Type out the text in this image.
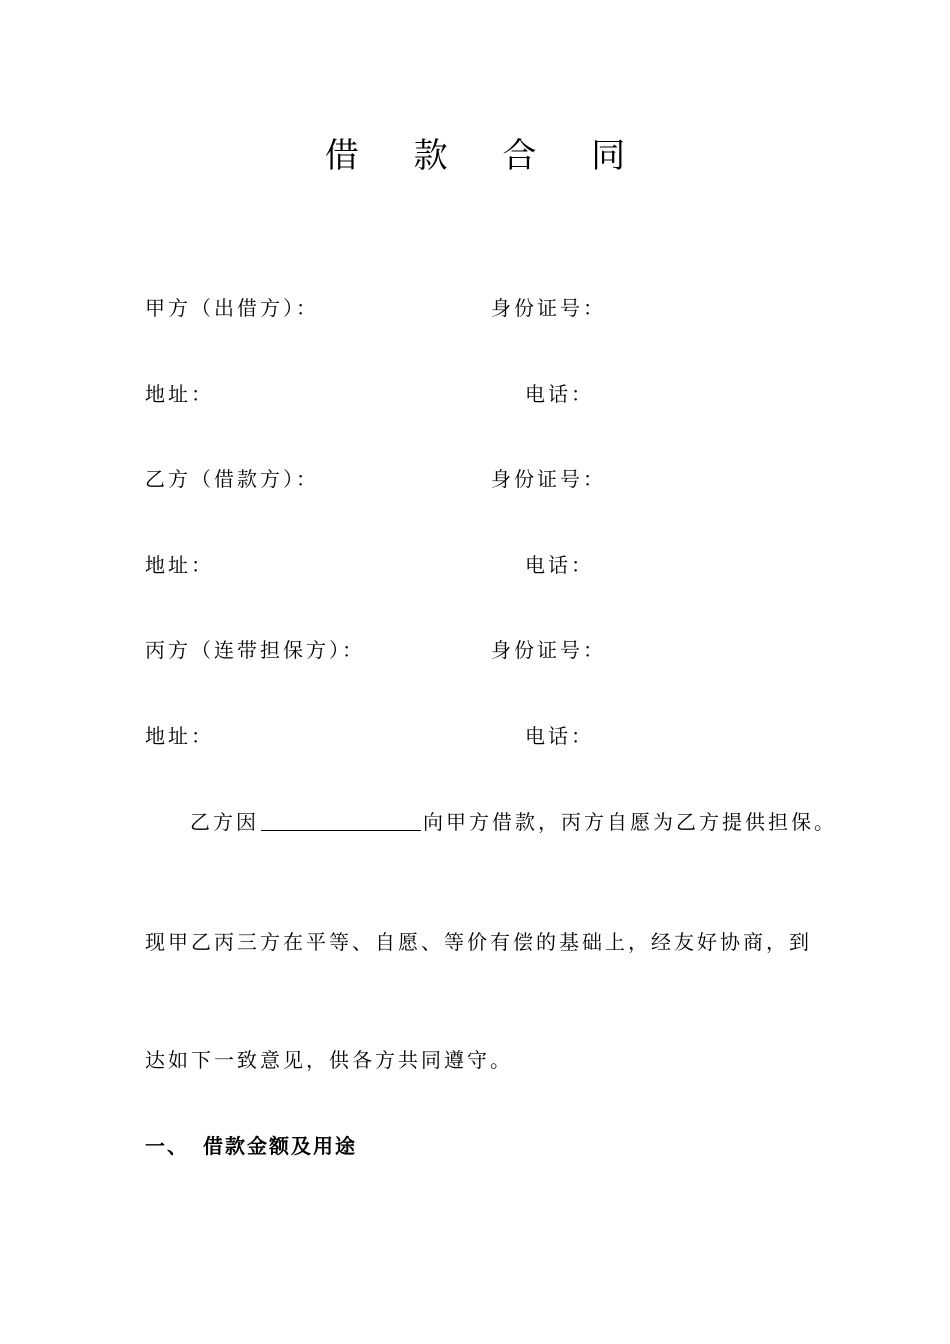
借 款 合 同
甲方（出借方）：	身份证号：
地址：	电话：
乙方（借款方）：	身份证号：
地址：	电话：
丙方（连带担保方）：	身份证号：
地址：	电话：
乙方因	向甲方借款，丙方自愿为乙方提供担保。
现甲乙丙三方在平等、自愿、等价有偿的基础上，经友好协商，到
达如下一致意见，供各方共同遵守。
一、 借款金额及用途
